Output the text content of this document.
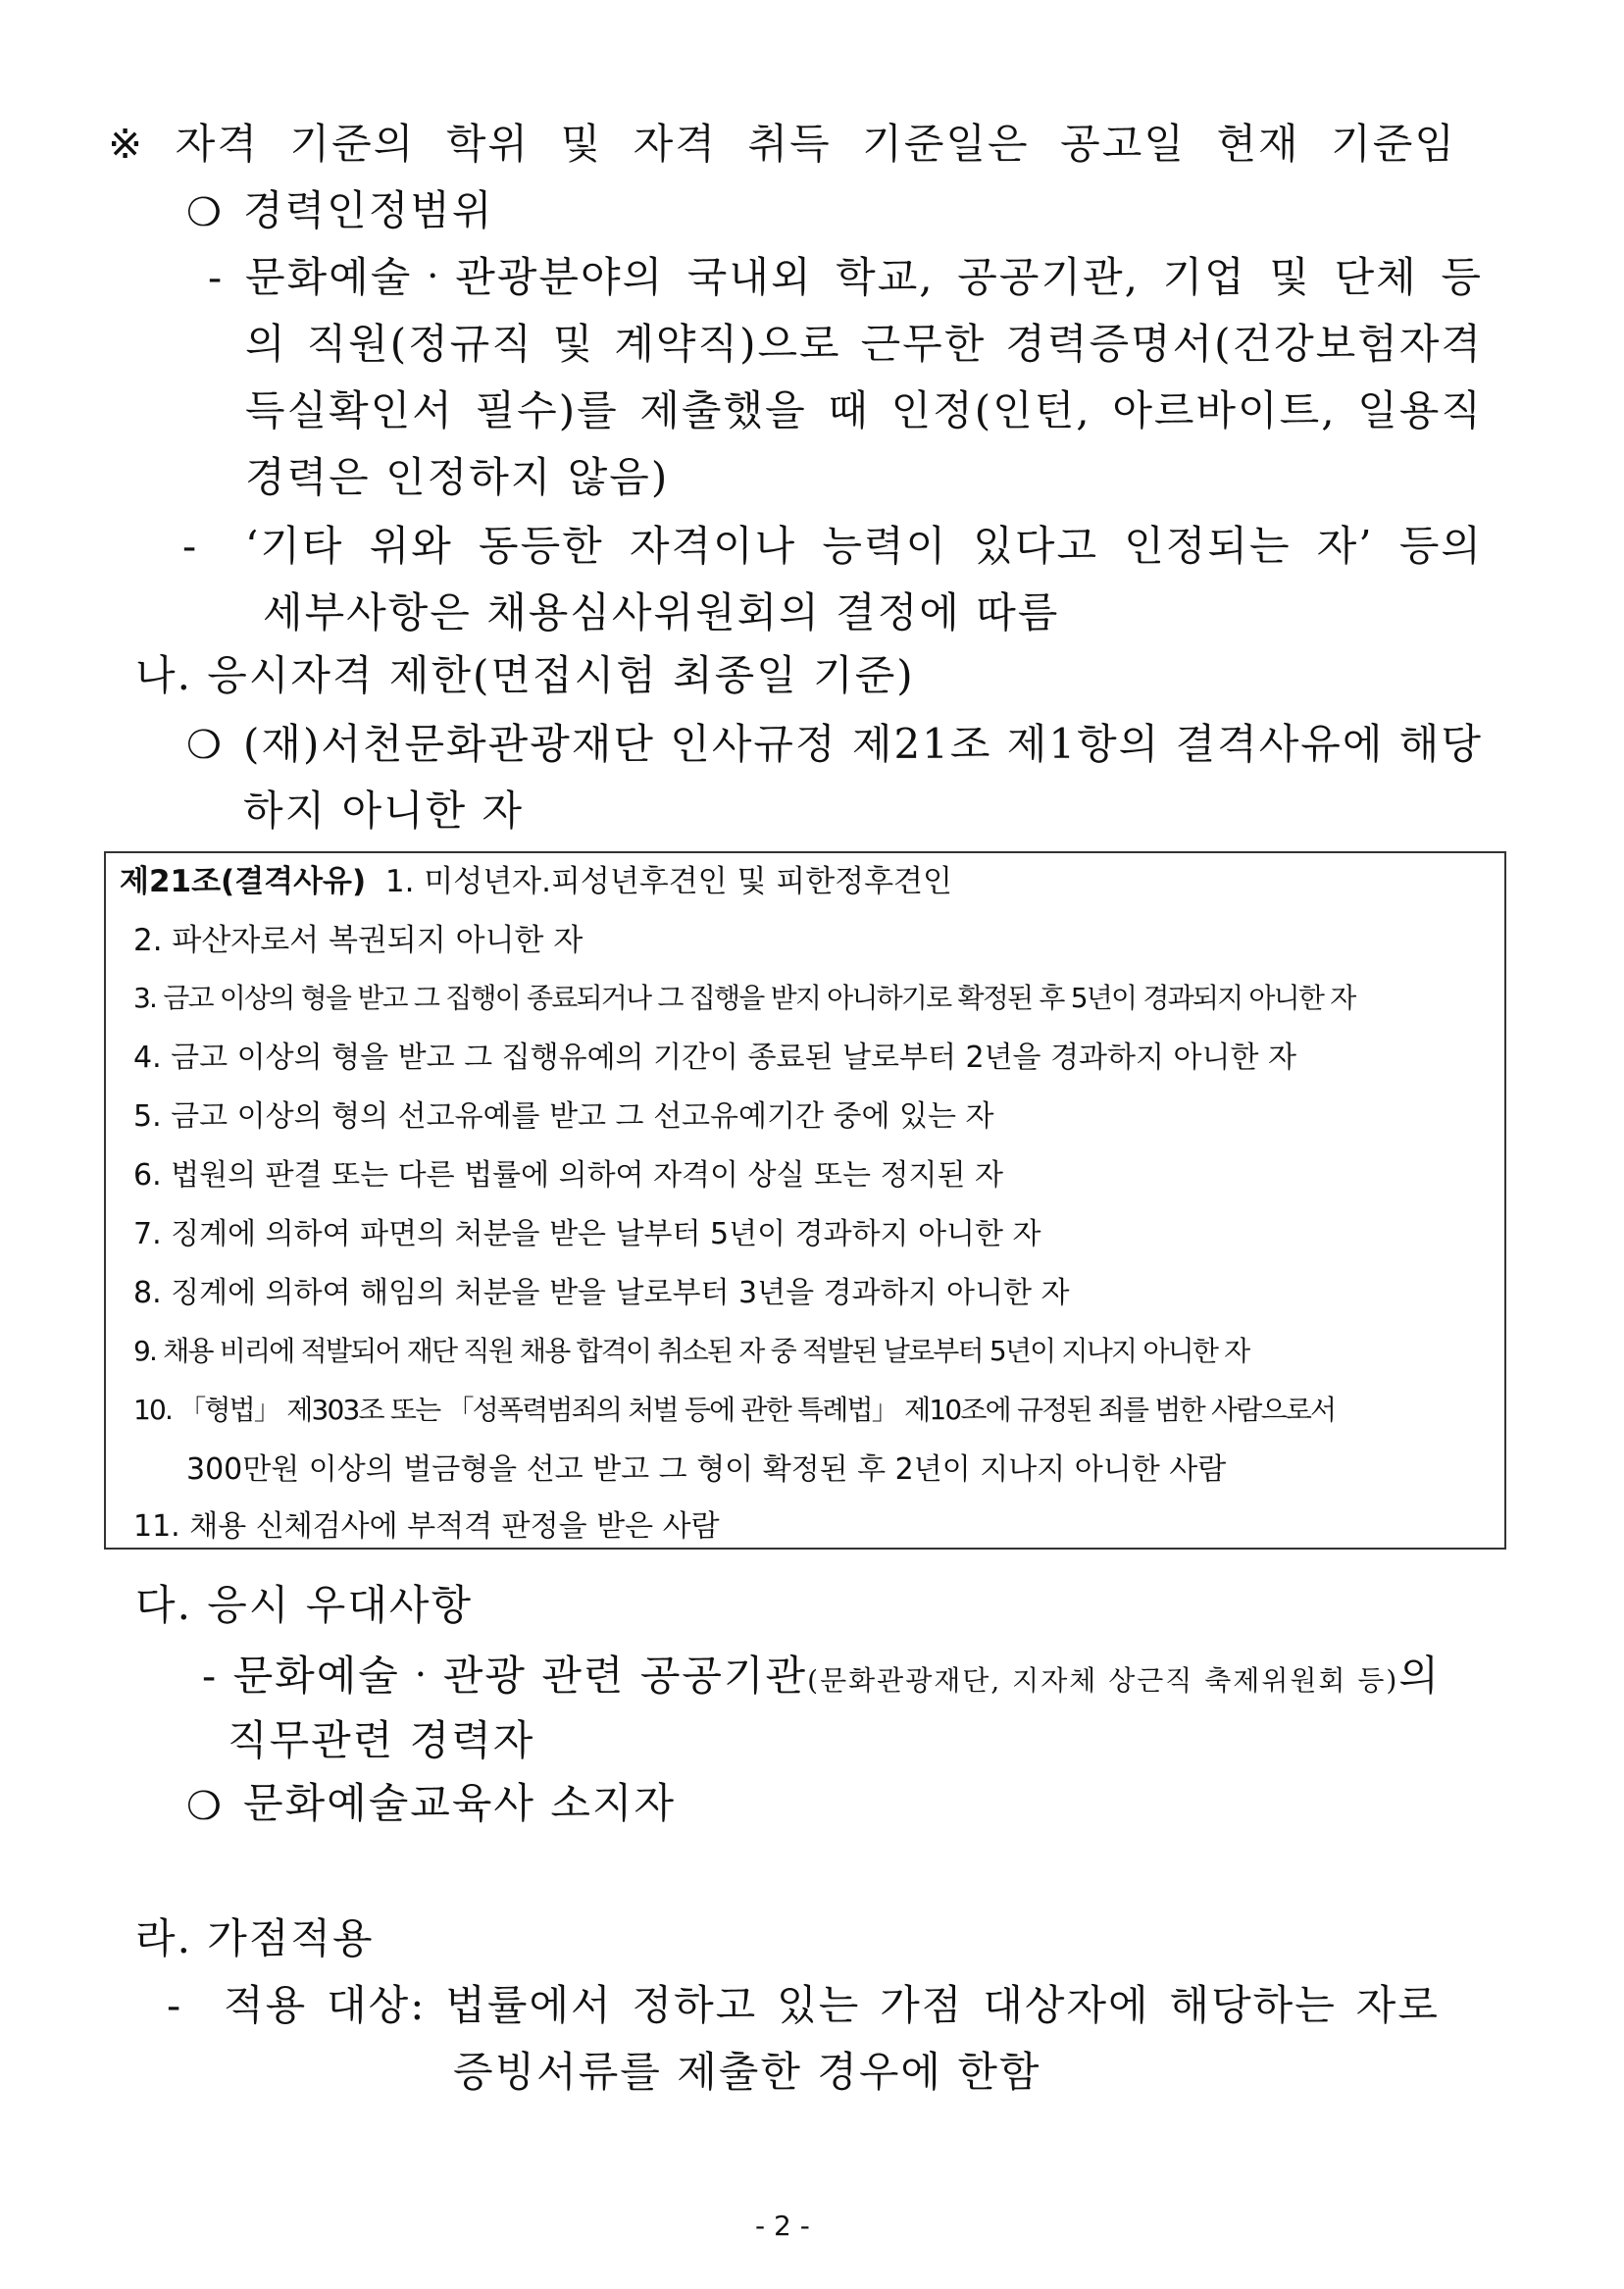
※ 자격 기준의 학위 및 자격 취득 기준일은 공고일 현재 기준임
❍ 경력인정범위
- 문화예술‧관광분야의 국내외 학교, 공공기관, 기업 및 단체 등
의 직원(정규직 및 계약직)으로 근무한 경력증명서(건강보험자격
득실확인서 필수)를 제출했을 때 인정(인턴, 아르바이트, 일용직
경력은 인정하지 않음)
- ‘기타 위와 동등한 자격이나 능력이 있다고 인정되는 자’ 등의
세부사항은 채용심사위원회의 결정에 따름
나. 응시자격 제한(면접시험 최종일 기준)
❍ (재)서천문화관광재단 인사규정 제21조 제1항의 결격사유에 해당
하지 아니한 자
제21조(결격사유) 1. 미성년자.피성년후견인 및 피한정후견인
2. 파산자로서 복권되지 아니한 자
3. 금고 이상의 형을 받고 그 집행이 종료되거나 그 집행을 받지 아니하기로 확정된 후 5년이 경과되지 아니한 자
4. 금고 이상의 형을 받고 그 집행유예의 기간이 종료된 날로부터 2년을 경과하지 아니한 자
5. 금고 이상의 형의 선고유예를 받고 그 선고유예기간 중에 있는 자
6. 법원의 판결 또는 다른 법률에 의하여 자격이 상실 또는 정지된 자
7. 징계에 의하여 파면의 처분을 받은 날부터 5년이 경과하지 아니한 자
8. 징계에 의하여 해임의 처분을 받을 날로부터 3년을 경과하지 아니한 자
9. 채용 비리에 적발되어 재단 직원 채용 합격이 취소된 자 중 적발된 날로부터 5년이 지나지 아니한 자
10. 「형법」 제303조 또는 「성폭력범죄의 처벌 등에 관한 특례법」 제10조에 규정된 죄를 범한 사람으로서
300만원 이상의 벌금형을 선고 받고 그 형이 확정된 후 2년이 지나지 아니한 사람
11. 채용 신체검사에 부적격 판정을 받은 사람
다. 응시 우대사항
- 문화예술‧관광 관련 공공기관(문화관광재단, 지자체 상근직 축제위원회 등)의
직무관련 경력자
❍ 문화예술교육사 소지자
라. 가점적용
- 적용 대상: 법률에서 정하고 있는 가점 대상자에 해당하는 자로
증빙서류를 제출한 경우에 한함
- 2 -
